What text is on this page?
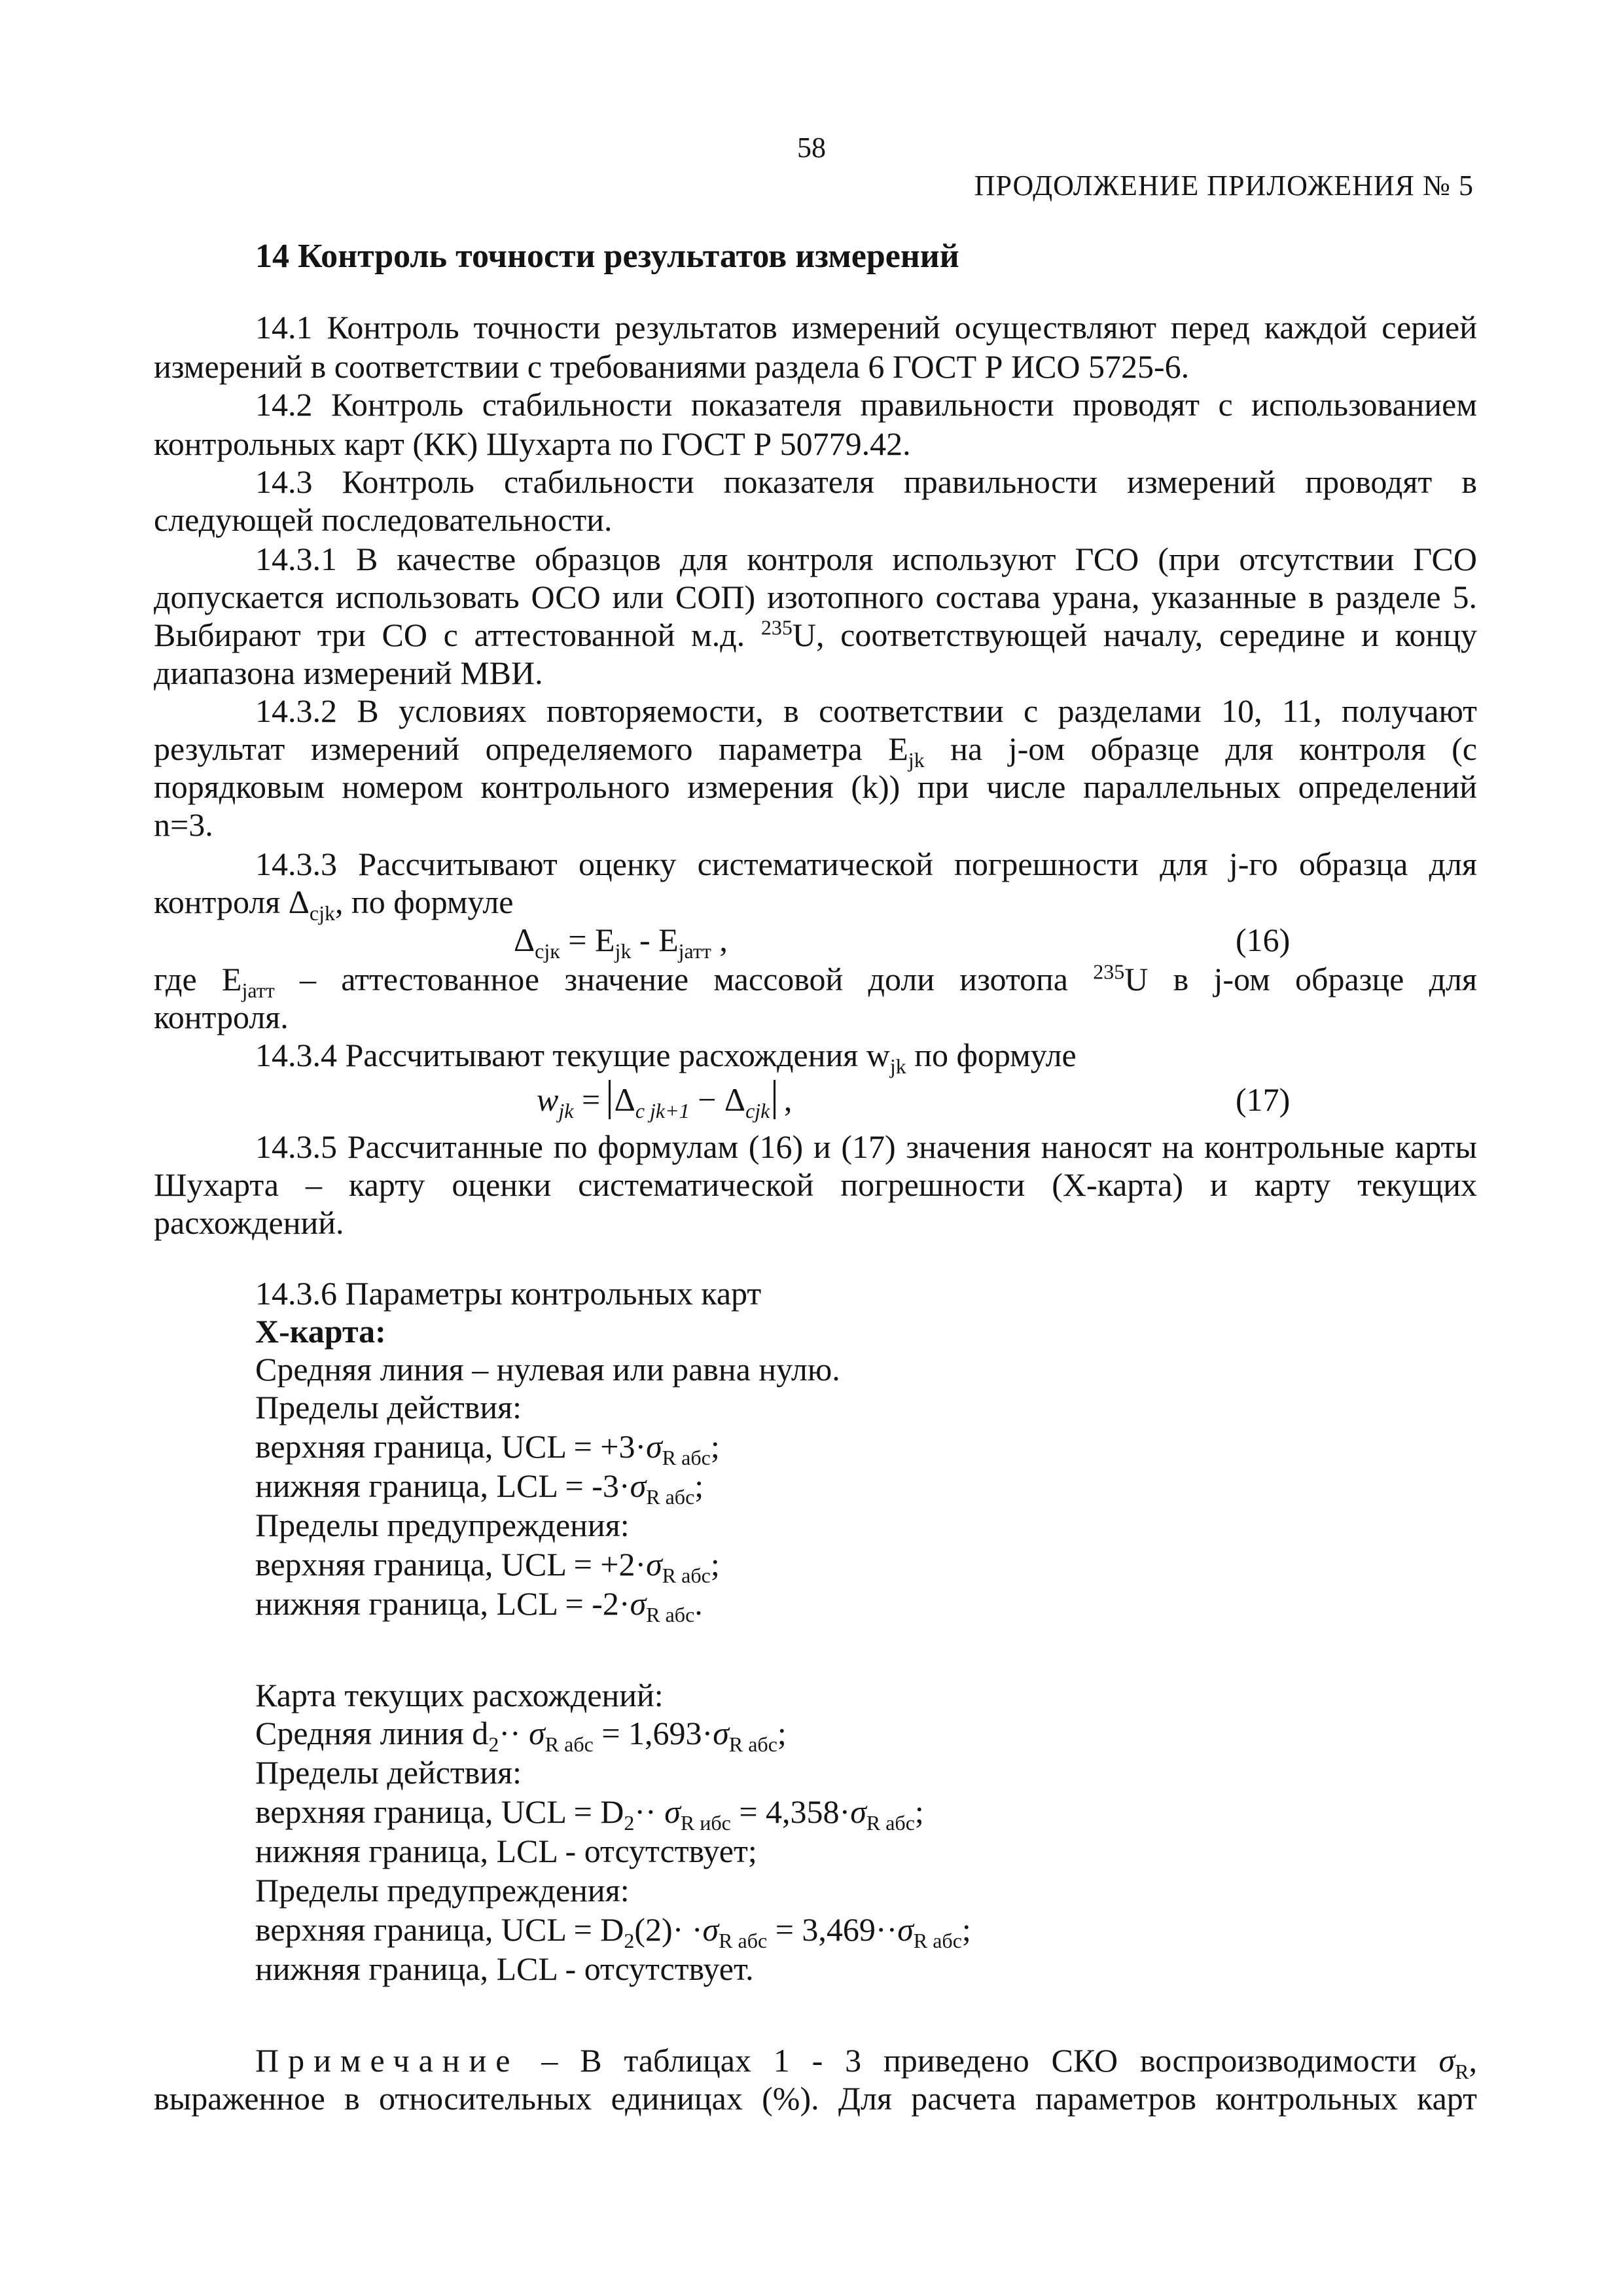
58
ПРОДОЛЖЕНИЕ ПРИЛОЖЕНИЯ № 5
14 Контроль точности результатов измерений
14.1 Контроль точности результатов измерений осуществляют перед каждой серией
измерений в соответствии с требованиями раздела 6 ГОСТ Р ИСО 5725-6.
14.2 Контроль стабильности показателя правильности проводят с использованием
контрольных карт (КК) Шухарта по ГОСТ Р 50779.42.
14.3 Контроль стабильности показателя правильности измерений проводят в
следующей последовательности.
14.3.1 В качестве образцов для контроля используют ГСО (при отсутствии ГСО
допускается использовать ОСО или СОП) изотопного состава урана, указанные в разделе 5.
Выбирают три СО с аттестованной м.д. $^{235}$U, соответствующей началу, середине и концу
диапазона измерений МВИ.
14.3.2 В условиях повторяемости, в соответствии с разделами 10, 11, получают
результат измерений определяемого параметра $E_{jk}$ на j-ом образце для контроля (с
порядковым номером контрольного измерения (k)) при числе параллельных определений
n=3.
14.3.3 Рассчитывают оценку систематической погрешности для j-го образца для
контроля $\Delta_{cjk}$, по формуле
$\Delta_{cjк} = E_{jk} - E_{jатт}$ ,	(16)
где $E_{jатт}$ – аттестованное значение массовой доли изотопа $^{235}$U в j-ом образце для
контроля.
14.3.4 Рассчитывают текущие расхождения $w_{jk}$ по формуле
$w_{jk} = \Delta_{c jk+1} - \Delta_{cjk}$ ,	(17)
14.3.5 Рассчитанные по формулам (16) и (17) значения наносят на контрольные карты
Шухарта – карту оценки систематической погрешности (Х-карта) и карту текущих
расхождений.
14.3.6 Параметры контрольных карт
Х-карта:
Средняя линия – нулевая или равна нулю.
Пределы действия:
верхняя граница, UCL = $+3\cdot\sigma_{R абс}$;
нижняя граница, LCL = $-3\cdot\sigma_{R абс}$;
Пределы предупреждения:
верхняя граница, UCL = $+2\cdot\sigma_{R абс}$;
нижняя граница, LCL = $-2\cdot\sigma_{R абс}$.
Карта текущих расхождений:
Средняя линия $d_2\cdot\cdot \sigma_{R абс} = 1,693\cdot\sigma_{R абс}$;
Пределы действия:
верхняя граница, UCL = $D_2\cdot\cdot \sigma_{R ибс} = 4,358\cdot\sigma_{R абс}$;
нижняя граница, LCL - отсутствует;
Пределы предупреждения:
верхняя граница, UCL = $D_2(2)\cdot \cdot\sigma_{R абс} = 3,469\cdot\cdot\sigma_{R абс}$;
нижняя граница, LCL - отсутствует.
Примечание – В таблицах 1 - 3 приведено СКО воспроизводимости $\sigma_R$,
выраженное в относительных единицах (%). Для расчета параметров контрольных карт
